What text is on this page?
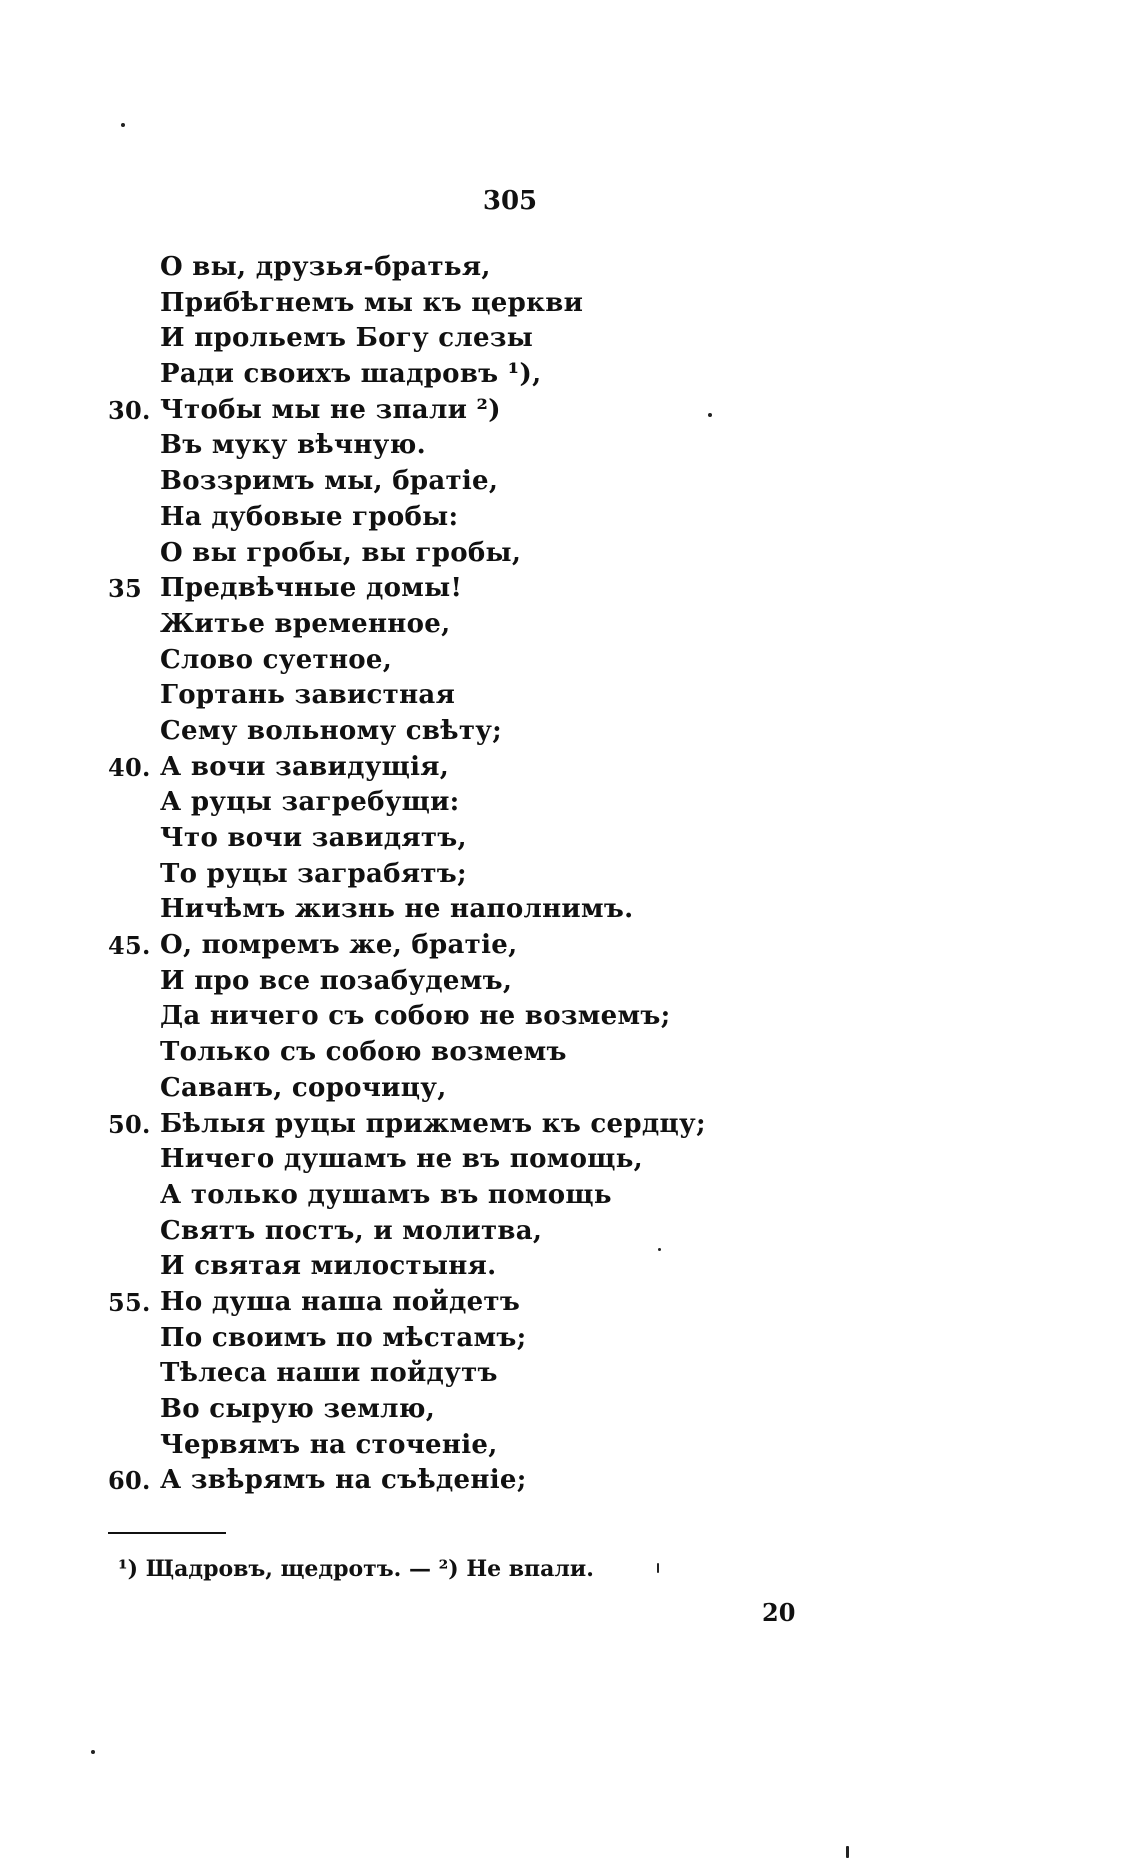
305
О вы, друзья-братья,
Прибѣгнемъ мы къ церкви
И прольемъ Богу слезы
Ради своихъ шадровъ ¹),
30. Чтобы мы не зпали ²)
Въ муку вѣчную.
Воззримъ мы, братіе,
На дубовые гробы:
О вы гробы, вы гробы,
35 Предвѣчные домы!
Житье временное,
Слово суетное,
Гортань завистная
Сему вольному свѣту;
40. А вочи завидущія,
А руцы загребущи:
Что вочи завидятъ,
То руцы заграбятъ;
Ничѣмъ жизнь не наполнимъ.
45. О, помремъ же, братіе,
И про все позабудемъ,
Да ничего съ собою не возмемъ;
Только съ собою возмемъ
Саванъ, сорочицу,
50. Бѣлыя руцы прижмемъ къ сердцу;
Ничего душамъ не въ помощь,
А только душамъ въ помощь
Святъ постъ, и молитва,
И святая милостыня.
55. Но душа наша пойдетъ
По своимъ по мѣстамъ;
Тѣлеса наши пойдутъ
Во сырую землю,
Червямъ на сточеніе,
60. А звѣрямъ на съѣденіе;
¹) Щадровъ, щедротъ. — ²) Не впали.
20
